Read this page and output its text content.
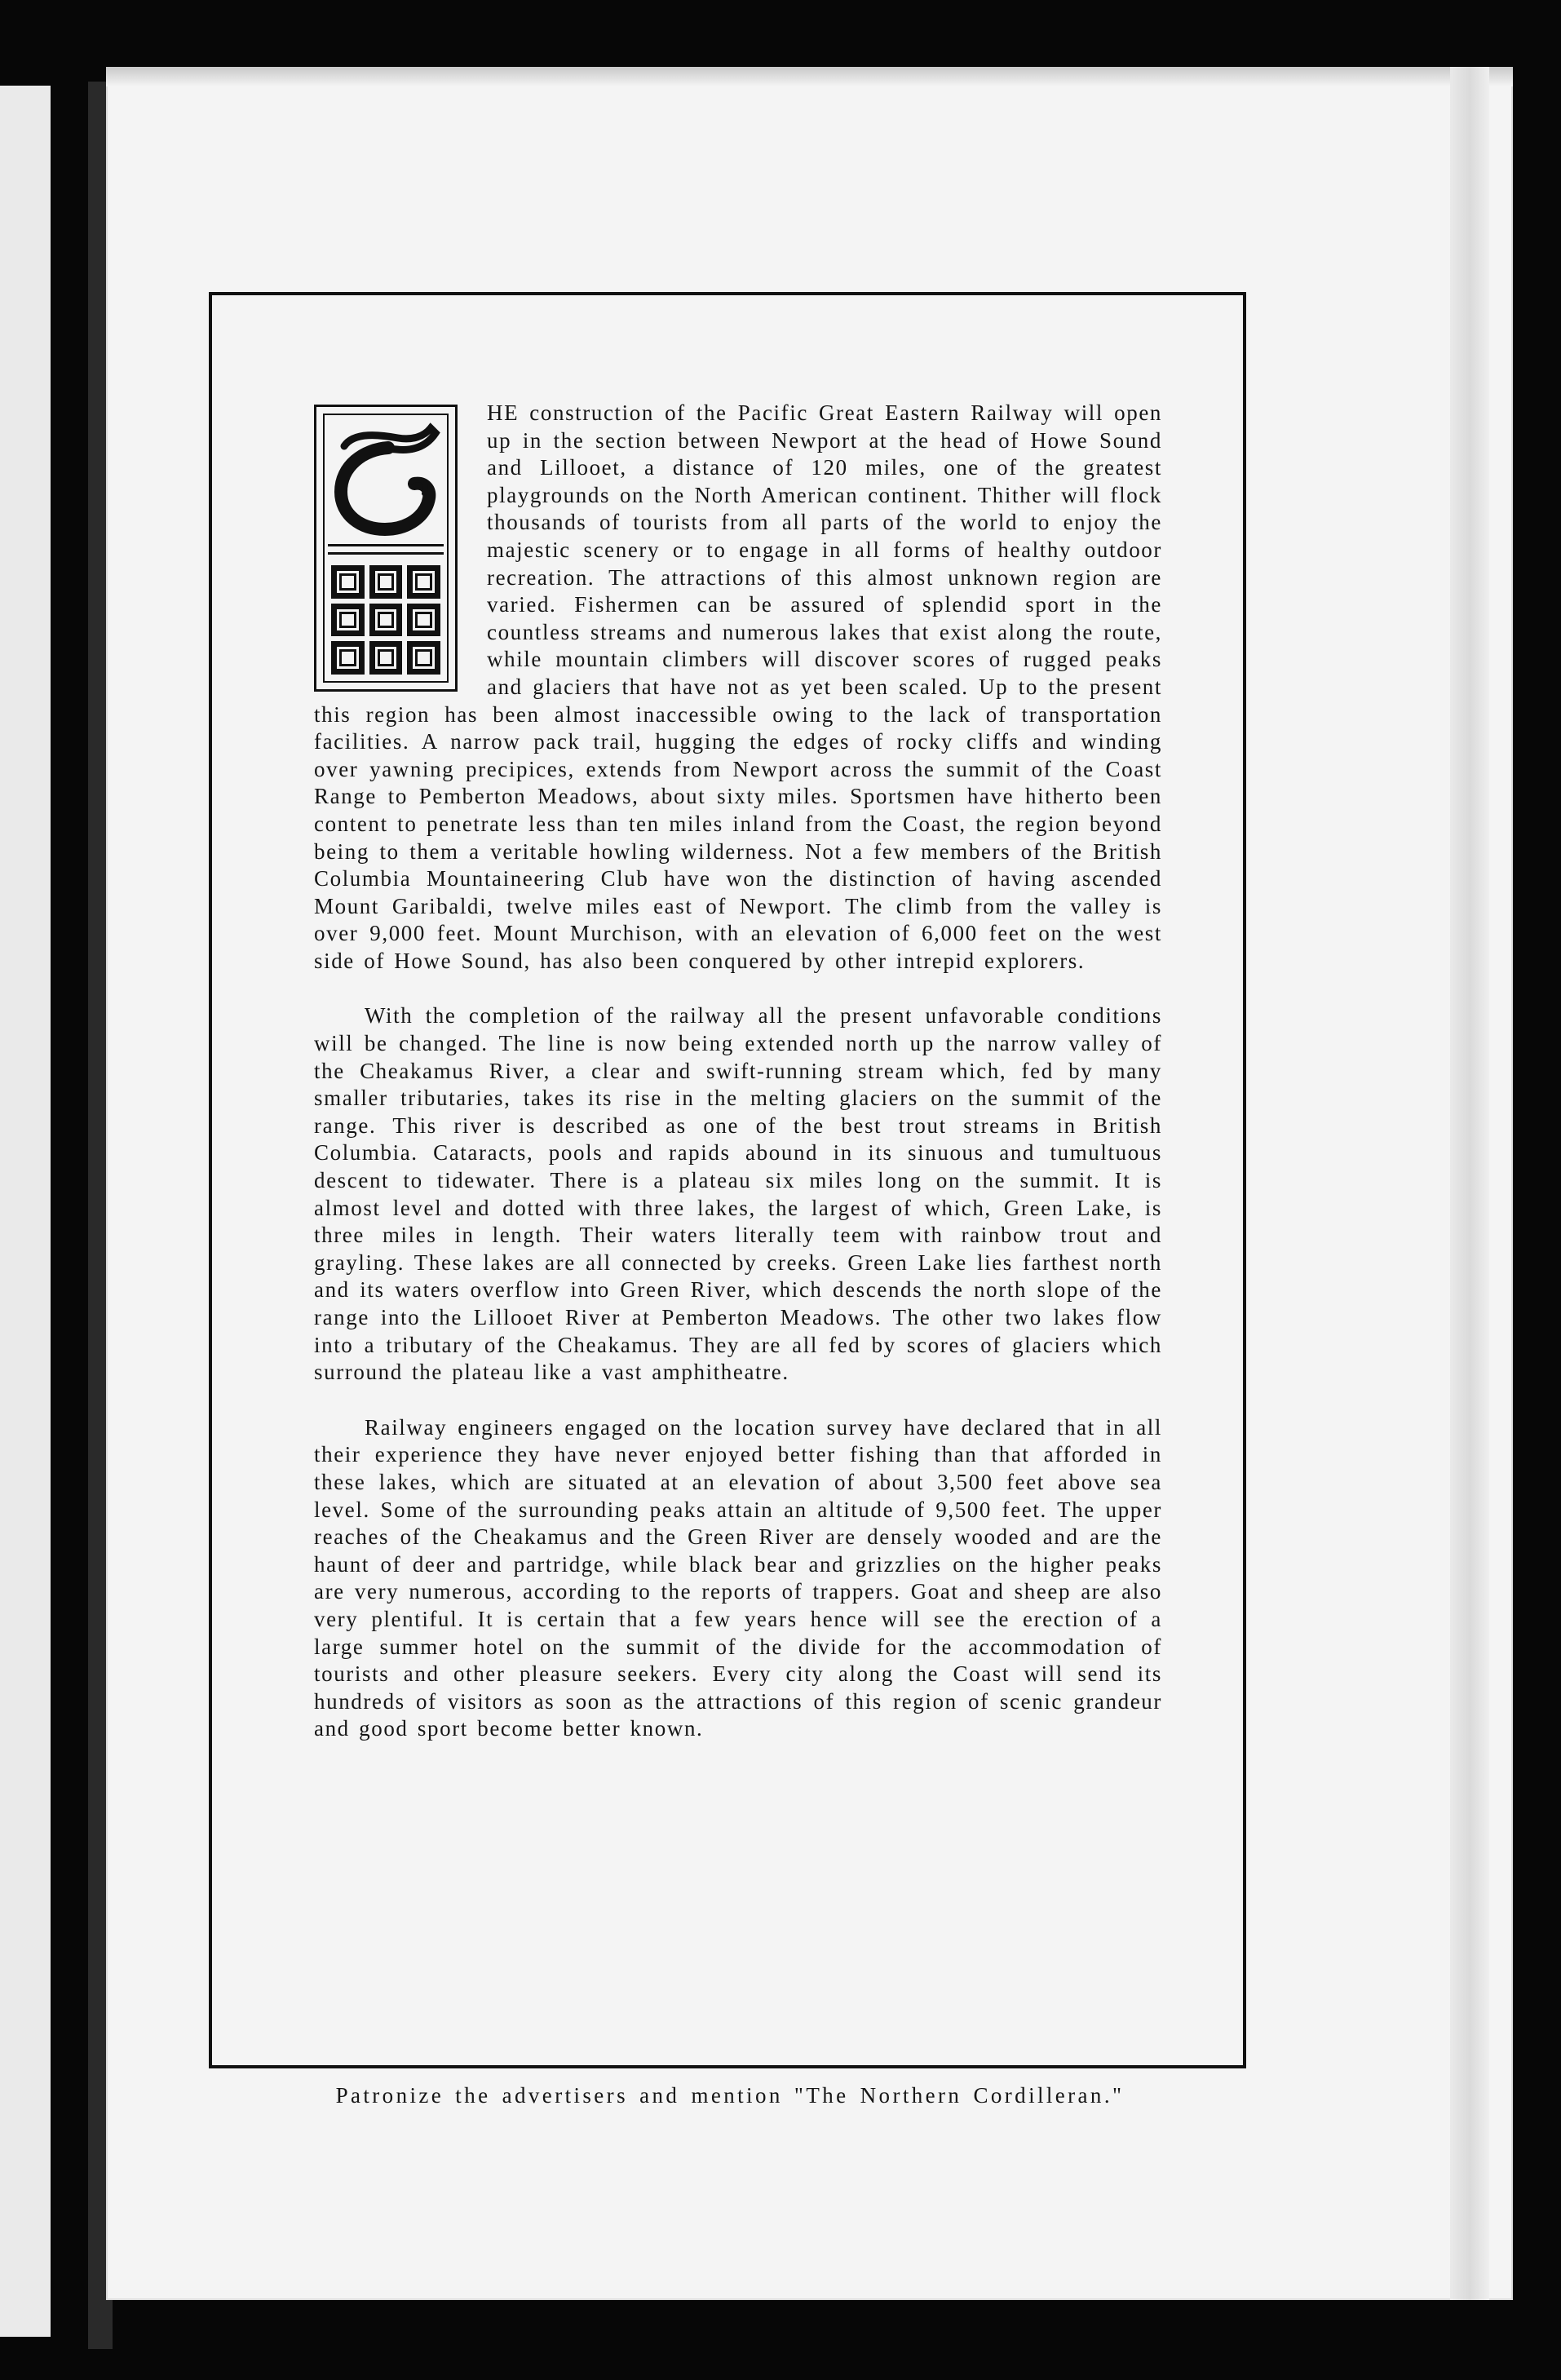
HE construction of the Pacific Great Eastern Railway will open up in the section between Newport at the head of Howe Sound and Lillooet, a distance of 120 miles, one of the greatest playgrounds on the North American continent. Thither will flock thousands of tourists from all parts of the world to enjoy the majestic scenery or to engage in all forms of healthy outdoor recreation. The attractions of this almost unknown region are varied. Fishermen can be assured of splendid sport in the countless streams and numerous lakes that exist along the route, while mountain climbers will discover scores of rugged peaks and glaciers that have not as yet been scaled. Up to the present this region has been almost inaccessible owing to the lack of transportation facilities. A narrow pack trail, hugging the edges of rocky cliffs and winding over yawning precipices, extends from Newport across the summit of the Coast Range to Pemberton Meadows, about sixty miles. Sportsmen have hitherto been content to penetrate less than ten miles inland from the Coast, the region beyond being to them a veritable howling wilderness. Not a few members of the British Columbia Mountaineering Club have won the distinction of having ascended Mount Garibaldi, twelve miles east of Newport. The climb from the valley is over 9,000 feet. Mount Murchison, with an elevation of 6,000 feet on the west side of Howe Sound, has also been conquered by other intrepid explorers.

With the completion of the railway all the present unfavorable conditions will be changed. The line is now being extended north up the narrow valley of the Cheakamus River, a clear and swift-running stream which, fed by many smaller tributaries, takes its rise in the melting glaciers on the summit of the range. This river is described as one of the best trout streams in British Columbia. Cataracts, pools and rapids abound in its sinuous and tumultuous descent to tidewater. There is a plateau six miles long on the summit. It is almost level and dotted with three lakes, the largest of which, Green Lake, is three miles in length. Their waters literally teem with rainbow trout and grayling. These lakes are all connected by creeks. Green Lake lies farthest north and its waters overflow into Green River, which descends the north slope of the range into the Lillooet River at Pemberton Meadows. The other two lakes flow into a tributary of the Cheakamus. They are all fed by scores of glaciers which surround the plateau like a vast amphitheatre.

Railway engineers engaged on the location survey have declared that in all their experience they have never enjoyed better fishing than that afforded in these lakes, which are situated at an elevation of about 3,500 feet above sea level. Some of the surrounding peaks attain an altitude of 9,500 feet. The upper reaches of the Cheakamus and the Green River are densely wooded and are the haunt of deer and partridge, while black bear and grizzlies on the higher peaks are very numerous, according to the reports of trappers. Goat and sheep are also very plentiful. It is certain that a few years hence will see the erection of a large summer hotel on the summit of the divide for the accommodation of tourists and other pleasure seekers. Every city along the Coast will send its hundreds of visitors as soon as the attractions of this region of scenic grandeur and good sport become better known.

Patronize the advertisers and mention "The Northern Cordilleran."
